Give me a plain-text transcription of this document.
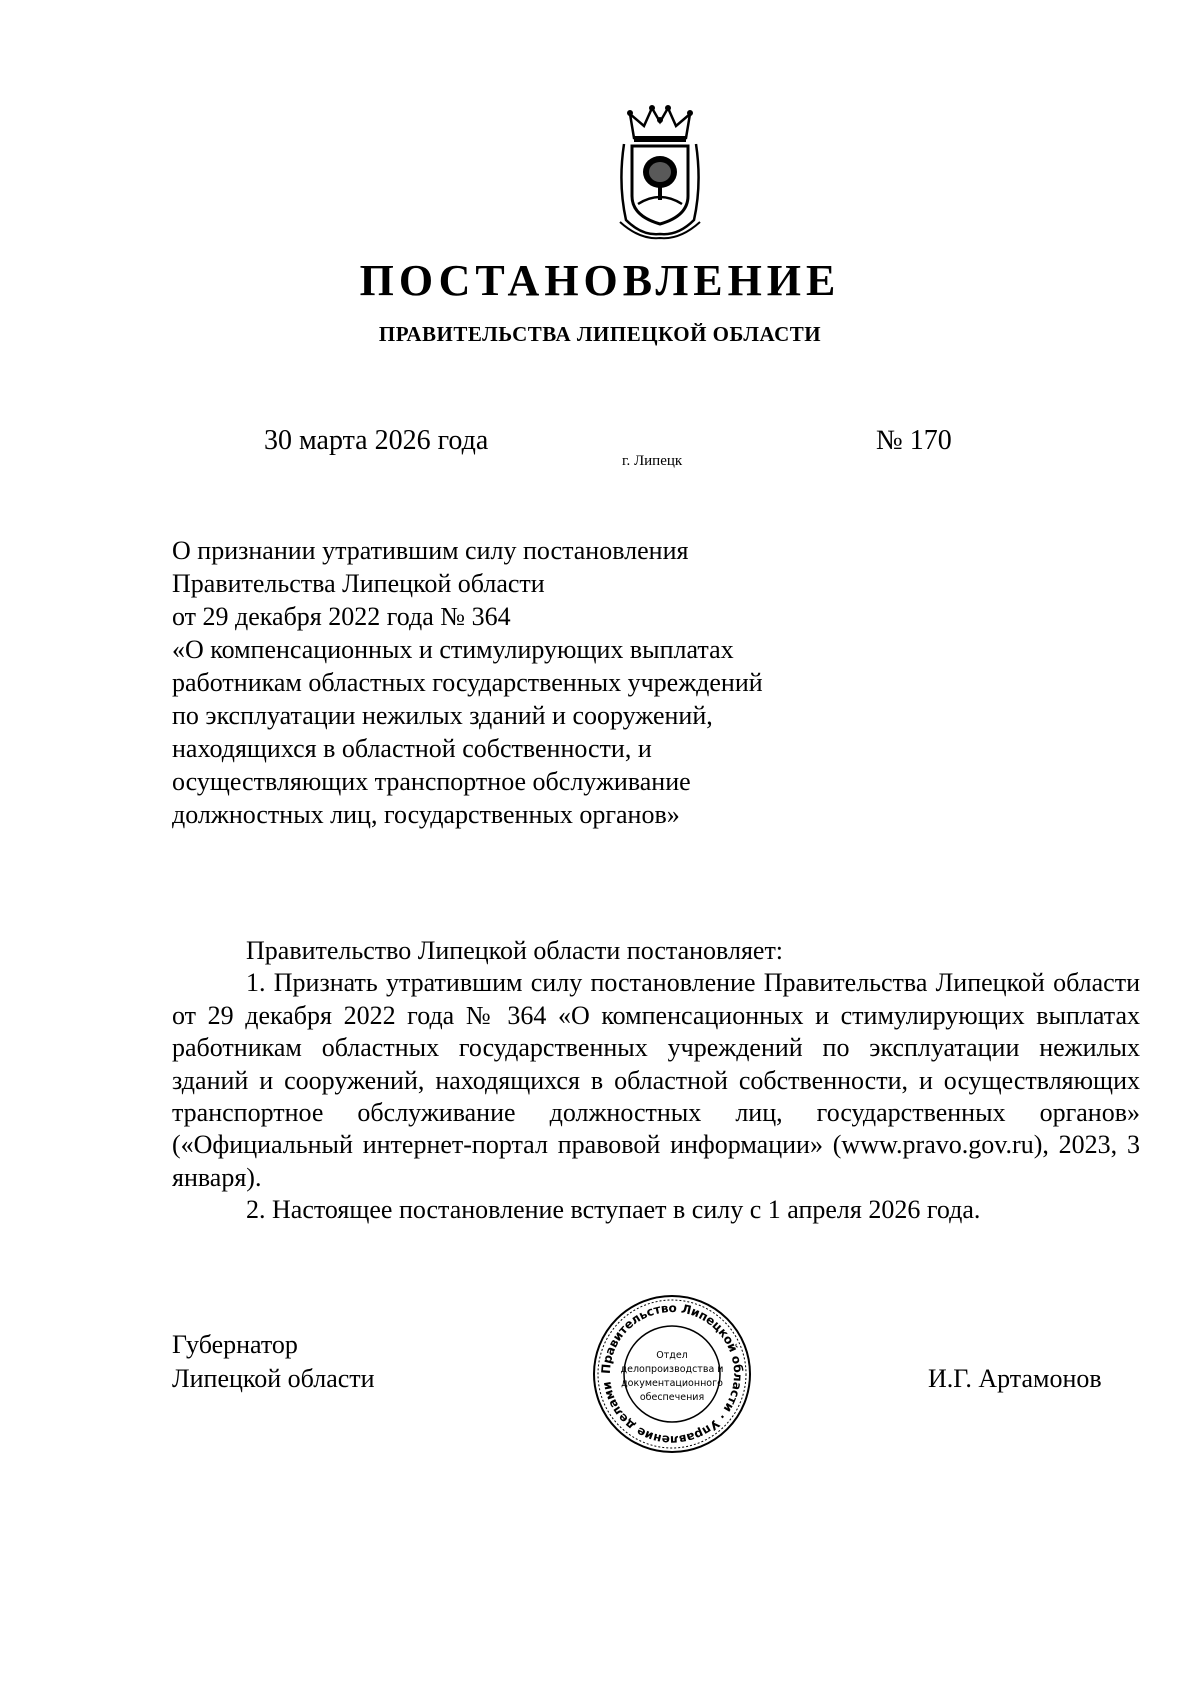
ПОСТАНОВЛЕНИЕ
ПРАВИТЕЛЬСТВА ЛИПЕЦКОЙ ОБЛАСТИ
30 марта 2026 года
г. Липецк
№ 170
О признании утратившим силу постановления
Правительства Липецкой области
от 29 декабря 2022 года № 364
«О компенсационных и стимулирующих выплатах
работникам областных государственных учреждений
по эксплуатации нежилых зданий и сооружений,
находящихся в областной собственности, и
осуществляющих транспортное обслуживание
должностных лиц, государственных органов»

Правительство Липецкой области постановляет:

1. Признать утратившим силу постановление Правительства Липецкой области от 29 декабря 2022 года № 364 «О компенсационных и стимулирующих выплатах работникам областных государственных учреждений по эксплуатации нежилых зданий и сооружений, находящихся в областной собственности, и осуществляющих транспортное обслуживание должностных лиц, государственных органов» («Официальный интернет-портал правовой информации» (www.pravo.gov.ru), 2023, 3 января).

2. Настоящее постановление вступает в силу с 1 апреля 2026 года.

Губернатор
Липецкой области	И.Г. Артамонов
Правительство Липецкой области · Управление делами
Отдел
делопроизводства и
документационного
обеспечения
